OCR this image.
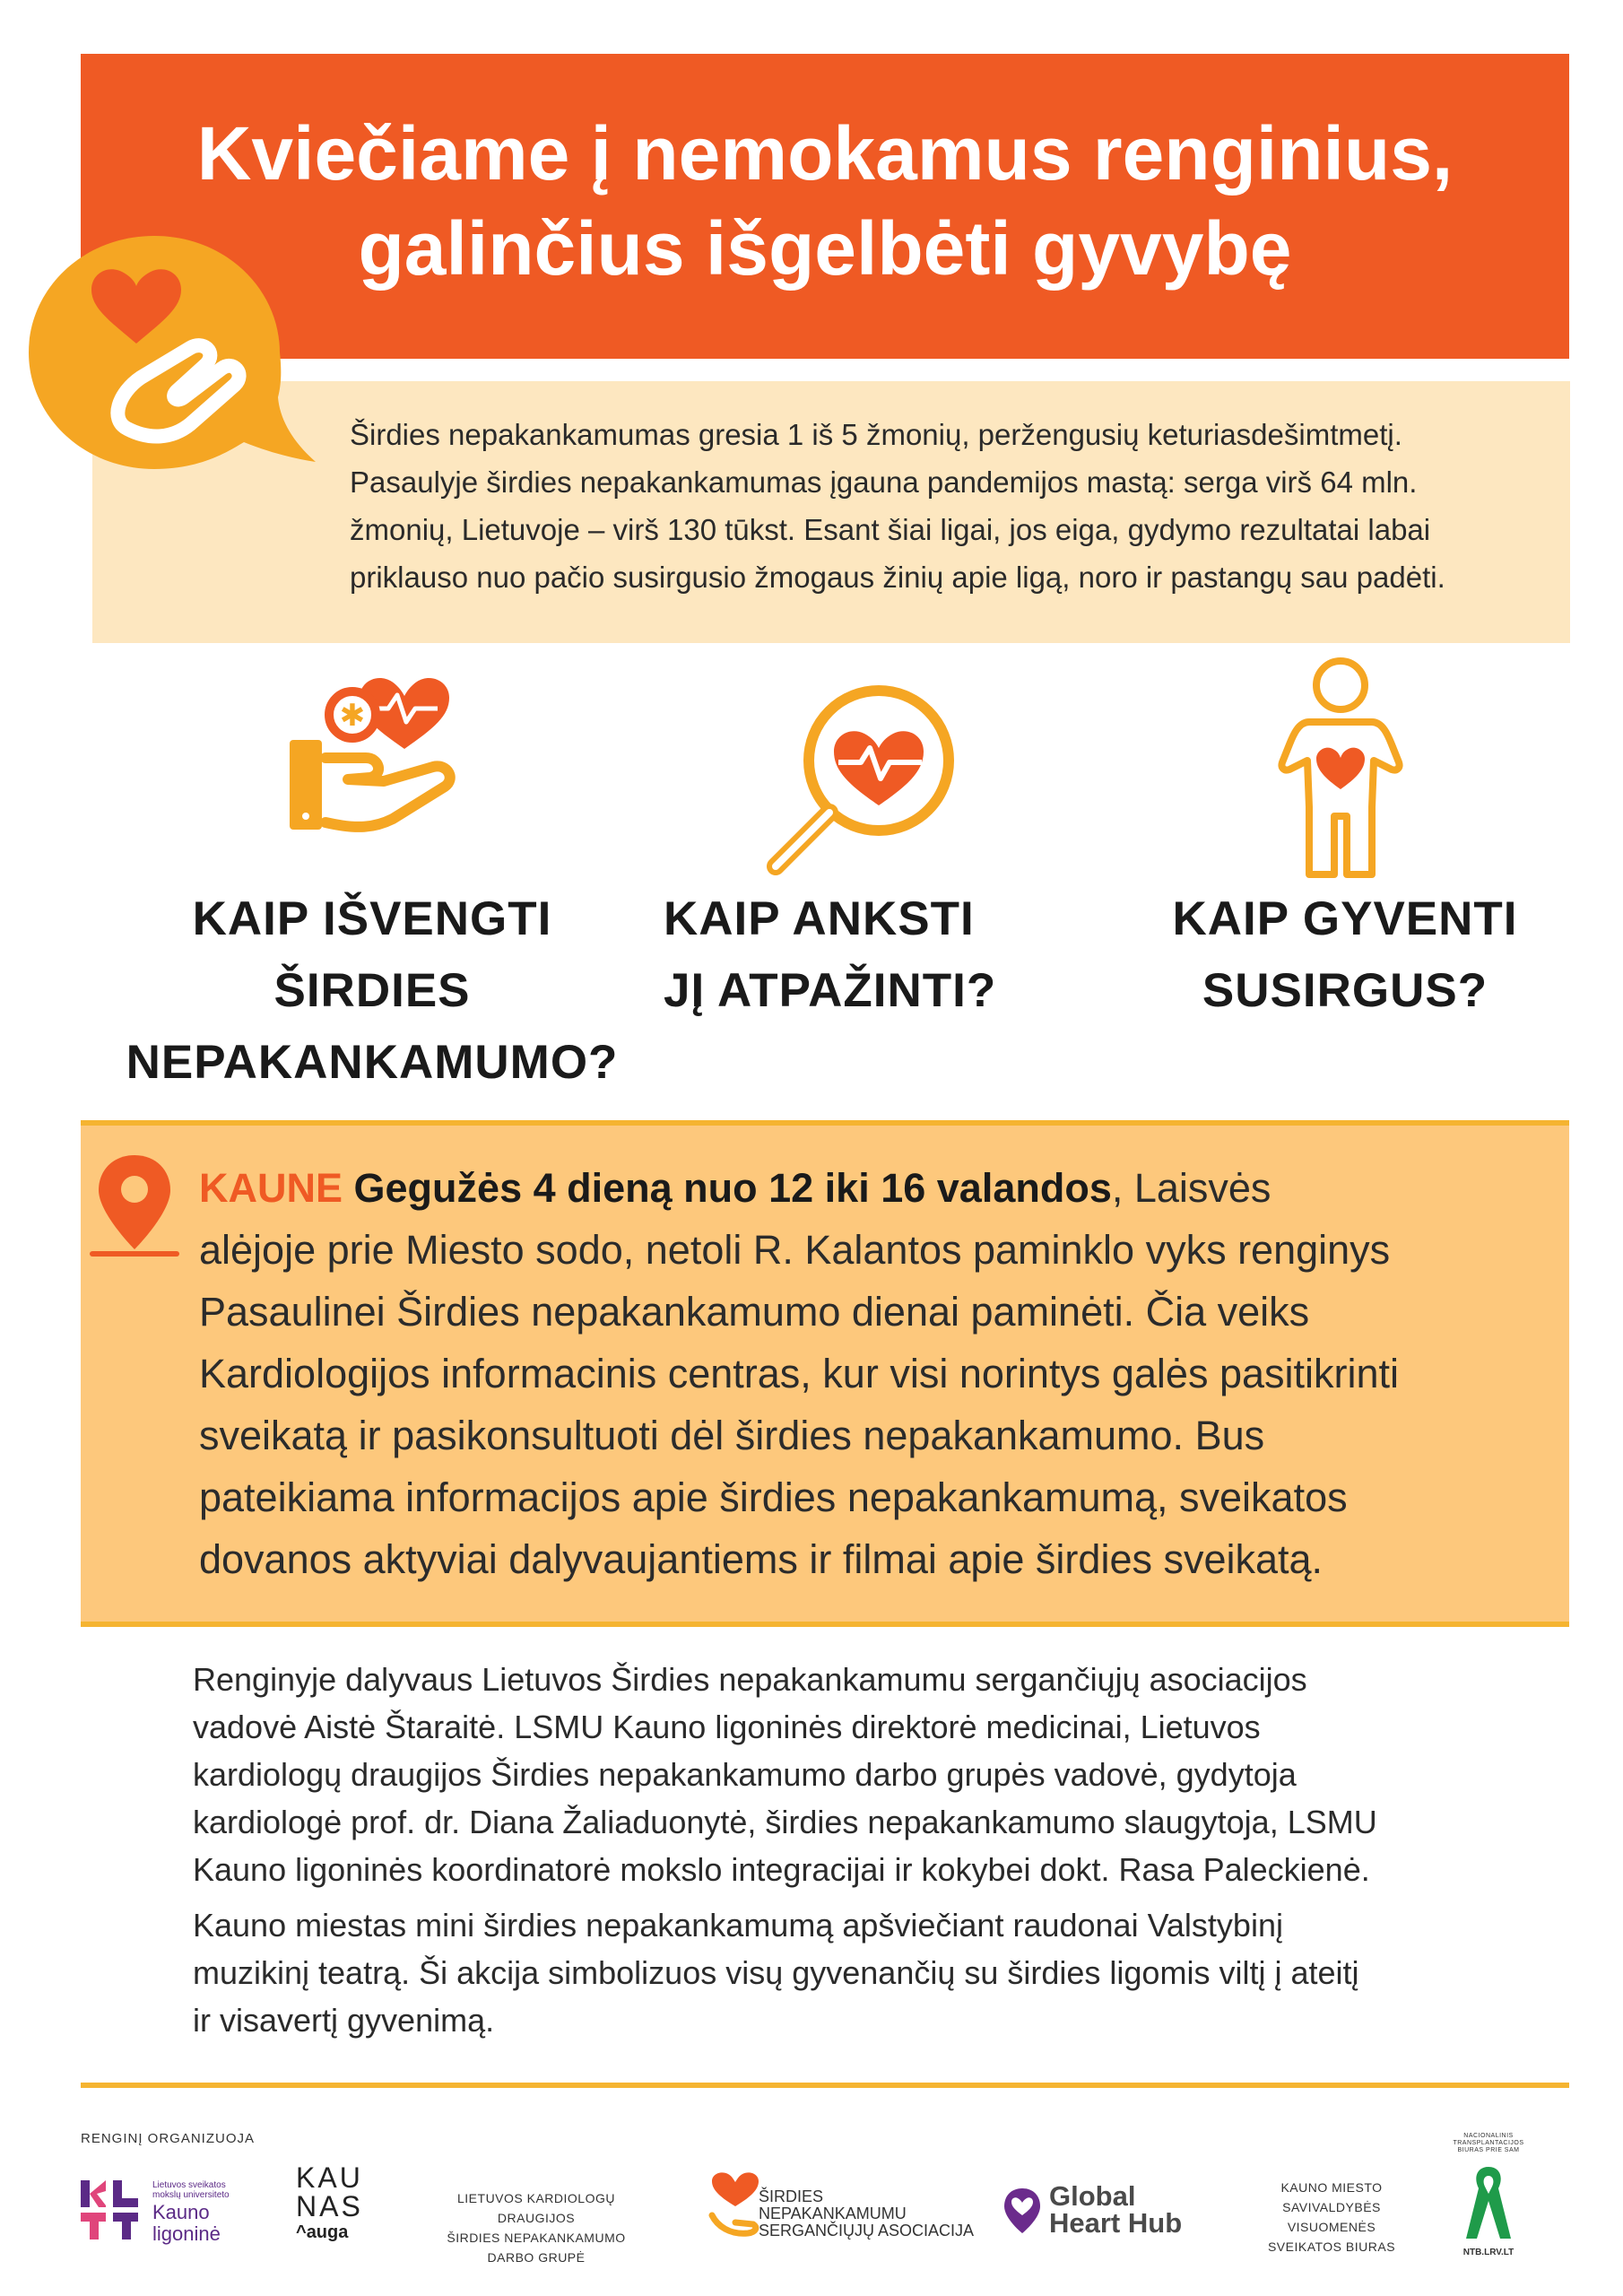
Kviečiame į nemokamus renginius,
galinčius išgelbėti gyvybę
Širdies nepakankamumas gresia 1 iš 5 žmonių, peržengusių keturiasdešimtmetį.
Pasaulyje širdies nepakankamumas įgauna pandemijos mastą: serga virš 64 mln.
žmonių, Lietuvoje – virš 130 tūkst. Esant šiai ligai, jos eiga, gydymo rezultatai labai
priklauso nuo pačio susirgusio žmogaus žinių apie ligą, noro ir pastangų sau padėti.
✱
KAIP IŠVENGTI
ŠIRDIES
NEPAKANKAMUMO?
KAIP ANKSTI
JĮ ATPAŽINTI?
KAIP GYVENTI
SUSIRGUS?
KAUNE Gegužės 4 dieną nuo 12 iki 16 valandos, Laisvės
alėjoje prie Miesto sodo, netoli R. Kalantos paminklo vyks renginys
Pasaulinei Širdies nepakankamumo dienai paminėti. Čia veiks
Kardiologijos informacinis centras, kur visi norintys galės pasitikrinti
sveikatą ir pasikonsultuoti dėl širdies nepakankamumo. Bus
pateikiama informacijos apie širdies nepakankamumą, sveikatos
dovanos aktyviai dalyvaujantiems ir filmai apie širdies sveikatą.
Renginyje dalyvaus Lietuvos Širdies nepakankamumu sergančiųjų asociacijos
vadovė Aistė Štaraitė. LSMU Kauno ligoninės direktorė medicinai, Lietuvos
kardiologų draugijos Širdies nepakankamumo darbo grupės vadovė, gydytoja
kardiologė prof. dr. Diana Žaliaduonytė, širdies nepakankamumo slaugytoja, LSMU
Kauno ligoninės koordinatorė mokslo integracijai ir kokybei dokt. Rasa Paleckienė.
Kauno miestas mini širdies nepakankamumą apšviečiant raudonai Valstybinį
muzikinį teatrą. Ši akcija simbolizuos visų gyvenančių su širdies ligomis viltį į ateitį
ir visavertį gyvenimą.
RENGINĮ ORGANIZUOJA
Lietuvos sveikatos
mokslų universiteto
Kauno
ligoninė
KAU
NAS
^auga
LIETUVOS KARDIOLOGŲ DRAUGIJOS
ŠIRDIES NEPAKANKAMUMO
DARBO GRUPĖ
ŠIRDIES
NEPAKANKAMUMU
SERGANČIŲJŲ ASOCIACIJA
Global
Heart Hub
KAUNO MIESTO
SAVIVALDYBĖS VISUOMENĖS
SVEIKATOS BIURAS
NACIONALINIS
TRANSPLANTACIJOS
BIURAS PRIE SAM
NTB.LRV.LT
